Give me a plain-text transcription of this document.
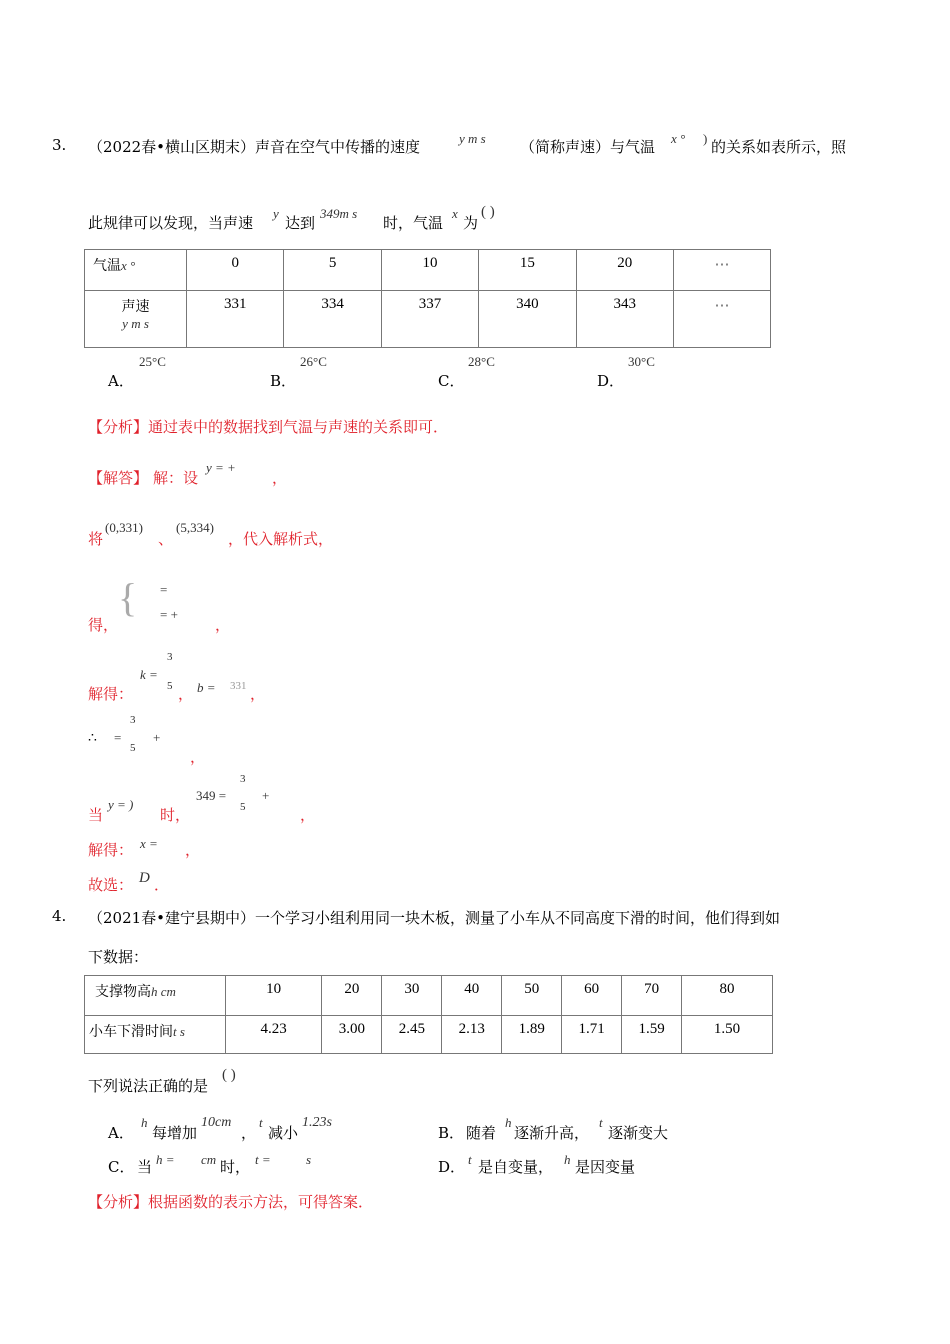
3. （2022春•横山区期末）声音在空气中传播的速度	y m s （简称声速）与气温 x ° ) 的关系如表所示，照
此规律可以发现，当声速
y
达到
349m s
时，气温
x
为
( )
气温x °	0	5	10	15	20	⋯

声速
y m s	331	334	337	340	343	⋯
A．
25°C
B．
26°C
C．
28°C
D．
30°C
【分析】通过表中的数据找到气温与声速的关系即可．
【解答】 解：设
y = +
，
将
(0,331)
、
(5,334)
，代入解析式，
得，
{ =
= +
，
解得：
k =
3
5 ， b = 331 ，
∴ =
3
5
+
，
当
y = )
时，
349 =
3
5
+
，
解得： x = ，
故选： D ．
4. （2021春•建宁县期中）一个学习小组利用同一块木板，测量了小车从不同高度下滑的时间，他们得到如
下数据：
支撑物高h cm	10	20	30	40	50	60	70	80
小车下滑时间t s	4.23	3.00	2.45	2.13	1.89	1.71	1.59	1.50
下列说法正确的是
( )
A．
h
每增加
10cm
，
t
减小
1.23s
B． 随着
h
逐渐升高，
t
逐渐变大
C． 当 h = cm 时， t =	s	D． t 是自变量， h 是因变量
【分析】根据函数的表示方法，可得答案．
